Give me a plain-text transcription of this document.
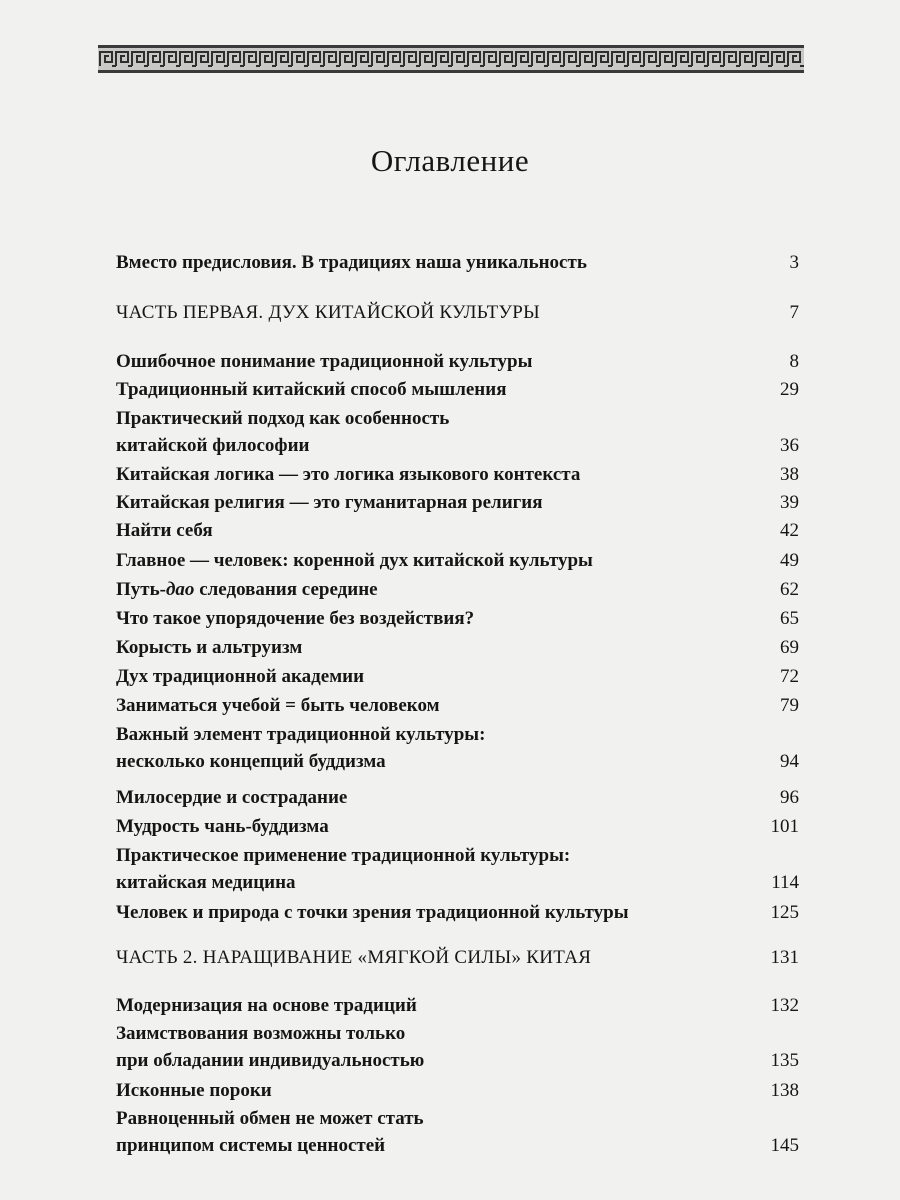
Оглавление
Вместо предисловия. В традициях наша уникальность	3
ЧАСТЬ ПЕРВАЯ. ДУХ КИТАЙСКОЙ КУЛЬТУРЫ	7
Ошибочное понимание традиционной культуры	8
Традиционный китайский способ мышления	29
Практический подход как особенность
китайской философии	36
Китайская логика — это логика языкового контекста	38
Китайская религия — это гуманитарная религия	39
Найти себя	42
Главное — человек: коренной дух китайской культуры	49
Путь-дао следования середине	62
Что такое упорядочение без воздействия?	65
Корысть и альтруизм	69
Дух традиционной академии	72
Заниматься учебой = быть человеком	79
Важный элемент традиционной культуры:
несколько концепций буддизма	94
Милосердие и сострадание	96
Мудрость чань-буддизма	101
Практическое применение традиционной культуры:
китайская медицина	114
Человек и природа с точки зрения традиционной культуры	125
ЧАСТЬ 2. НАРАЩИВАНИЕ «МЯГКОЙ СИЛЫ» КИТАЯ	131
Модернизация на основе традиций	132
Заимствования возможны только
при обладании индивидуальностью	135
Исконные пороки	138
Равноценный обмен не может стать
принципом системы ценностей	145
